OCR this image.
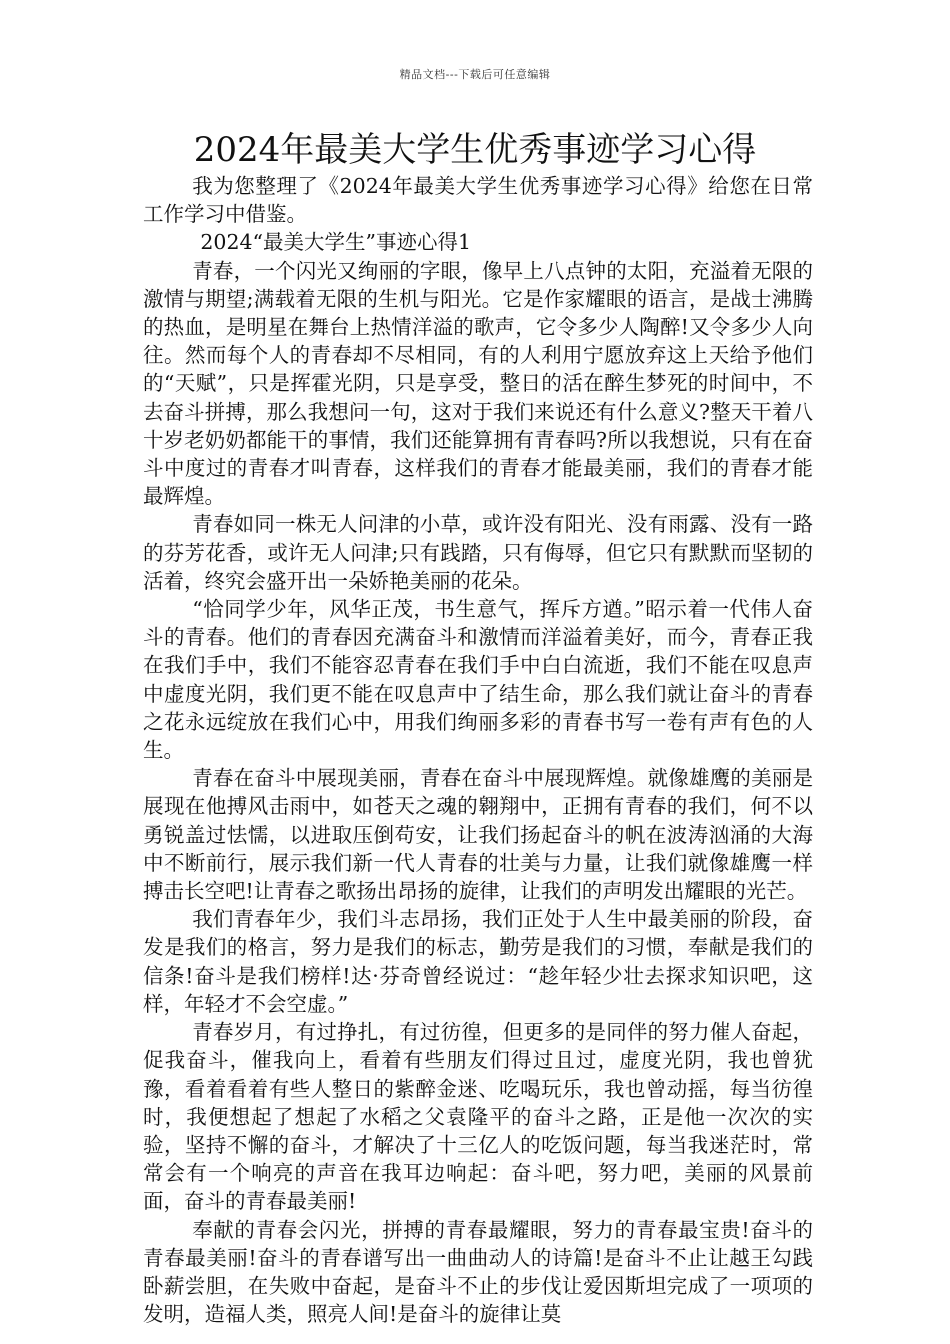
精品文档---下载后可任意编辑
2024年最美大学生优秀事迹学习心得

我为您整理了《2024年最美大学生优秀事迹学习心得》给您在日常工作学习中借鉴。

2024“最美大学生”事迹心得1

青春，一个闪光又绚丽的字眼，像早上八点钟的太阳，充溢着无限的激情与期望;满载着无限的生机与阳光。它是作家耀眼的语言，是战士沸腾的热血，是明星在舞台上热情洋溢的歌声，它令多少人陶醉!又令多少人向往。然而每个人的青春却不尽相同，有的人利用宁愿放弃这上天给予他们的“天赋”，只是挥霍光阴，只是享受，整日的活在醉生梦死的时间中，不去奋斗拼搏，那么我想问一句，这对于我们来说还有什么意义?整天干着八十岁老奶奶都能干的事情，我们还能算拥有青春吗?所以我想说，只有在奋斗中度过的青春才叫青春，这样我们的青春才能最美丽，我们的青春才能最辉煌。

青春如同一株无人问津的小草，或许没有阳光、没有雨露、没有一路的芬芳花香，或许无人问津;只有践踏，只有侮辱，但它只有默默而坚韧的活着，终究会盛开出一朵娇艳美丽的花朵。

“恰同学少年，风华正茂，书生意气，挥斥方遒。”昭示着一代伟人奋斗的青春。他们的青春因充满奋斗和激情而洋溢着美好，而今，青春正我在我们手中，我们不能容忍青春在我们手中白白流逝，我们不能在叹息声中虚度光阴，我们更不能在叹息声中了结生命，那么我们就让奋斗的青春之花永远绽放在我们心中，用我们绚丽多彩的青春书写一卷有声有色的人生。

青春在奋斗中展现美丽，青春在奋斗中展现辉煌。就像雄鹰的美丽是展现在他搏风击雨中，如苍天之魂的翱翔中，正拥有青春的我们，何不以勇锐盖过怯懦，以进取压倒苟安，让我们扬起奋斗的帆在波涛汹涌的大海中不断前行，展示我们新一代人青春的壮美与力量，让我们就像雄鹰一样搏击长空吧!让青春之歌扬出昂扬的旋律，让我们的声明发出耀眼的光芒。

我们青春年少，我们斗志昂扬，我们正处于人生中最美丽的阶段，奋发是我们的格言，努力是我们的标志，勤劳是我们的习惯，奉献是我们的信条!奋斗是我们榜样!达·芬奇曾经说过：“趁年轻少壮去探求知识吧，这样，年轻才不会空虚。”

青春岁月，有过挣扎，有过彷徨，但更多的是同伴的努力催人奋起，促我奋斗，催我向上，看着有些朋友们得过且过，虚度光阴，我也曾犹豫，看着看着有些人整日的紫醉金迷、吃喝玩乐，我也曾动摇，每当彷徨时，我便想起了想起了水稻之父袁隆平的奋斗之路，正是他一次次的实验，坚持不懈的奋斗，才解决了十三亿人的吃饭问题，每当我迷茫时，常常会有一个响亮的声音在我耳边响起：奋斗吧，努力吧，美丽的风景前面，奋斗的青春最美丽!

奉献的青春会闪光，拼搏的青春最耀眼，努力的青春最宝贵!奋斗的青春最美丽!奋斗的青春谱写出一曲曲动人的诗篇!是奋斗不止让越王勾践卧薪尝胆，在失败中奋起，是奋斗不止的步伐让爱因斯坦完成了一项项的发明，造福人类，照亮人间!是奋斗的旋律让莫
